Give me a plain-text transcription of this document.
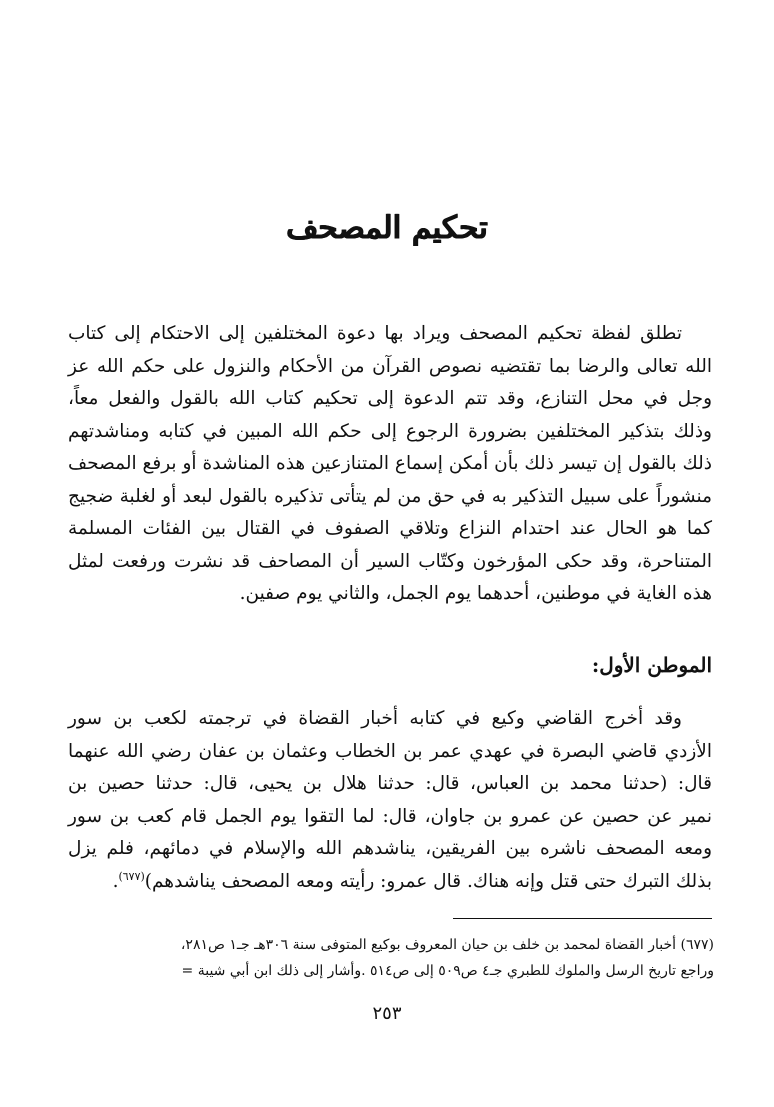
تحكيم المصحف
تطلق لفظة تحكيم المصحف ويراد بها دعوة المختلفين إلى الاحتكام إلى كتاب
الله تعالى والرضا بما تقتضيه نصوص القرآن من الأحكام والنزول على حكم الله عز
وجل في محل التنازع، وقد تتم الدعوة إلى تحكيم كتاب الله بالقول والفعل معاً،
وذلك بتذكير المختلفين بضرورة الرجوع إلى حكم الله المبين في كتابه ومناشدتهم
ذلك بالقول إن تيسر ذلك بأن أمكن إسماع المتنازعين هذه المناشدة أو برفع المصحف
منشوراً على سبيل التذكير به في حق من لم يتأتى تذكيره بالقول لبعد أو لغلبة ضجيج
كما هو الحال عند احتدام النزاع وتلاقي الصفوف في القتال بين الفئات المسلمة
المتناحرة، وقد حكى المؤرخون وكتّاب السير أن المصاحف قد نشرت ورفعت لمثل
هذه الغاية في موطنين، أحدهما يوم الجمل، والثاني يوم صفين.
الموطن الأول:
وقد أخرج القاضي وكيع في كتابه أخبار القضاة في ترجمته لكعب بن سور
الأزدي قاضي البصرة في عهدي عمر بن الخطاب وعثمان بن عفان رضي الله عنهما
قال: (حدثنا محمد بن العباس، قال: حدثنا هلال بن يحيى، قال: حدثنا حصين بن
نمير عن حصين عن عمرو بن جاوان، قال: لما التقوا يوم الجمل قام كعب بن سور
ومعه المصحف ناشره بين الفريقين، يناشدهم الله والإسلام في دمائهم، فلم يزل
بذلك التبرك حتى قتل وإنه هناك. قال عمرو: رأيته ومعه المصحف يناشدهم)$^{(٦٧٧)}$.
(٦٧٧) أخبار القضاة لمحمد بن خلف بن حيان المعروف بوكيع المتوفى سنة ٣٠٦هـ جـ١ ص٢٨١،
وراجع تاريخ الرسل والملوك للطبري جـ٤ ص٥٠٩ إلى ص٥١٤ .وأشار إلى ذلك ابن أبي شيبة =
٢٥٣
